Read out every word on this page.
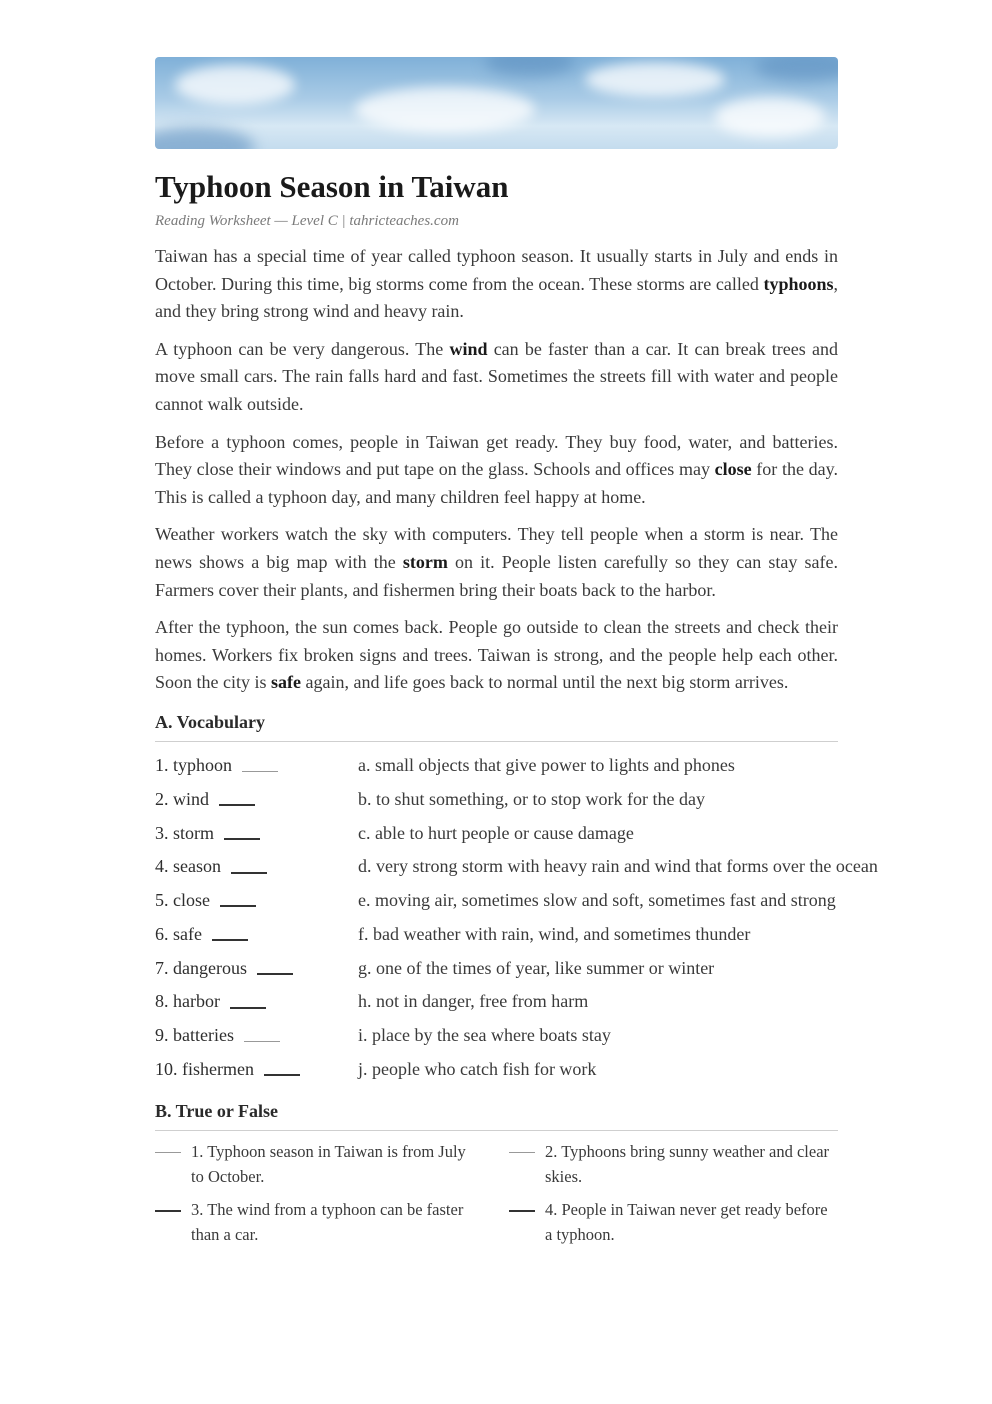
Typhoon Season in Taiwan
Reading Worksheet — Level C | tahricteaches.com

Taiwan has a special time of year called typhoon season. It usually starts in July and ends in October. During this time, big storms come from the ocean. These storms are called typhoons, and they bring strong wind and heavy rain.

A typhoon can be very dangerous. The wind can be faster than a car. It can break trees and move small cars. The rain falls hard and fast. Sometimes the streets fill with water and people cannot walk outside.

Before a typhoon comes, people in Taiwan get ready. They buy food, water, and batteries. They close their windows and put tape on the glass. Schools and offices may close for the day. This is called a typhoon day, and many children feel happy at home.

Weather workers watch the sky with computers. They tell people when a storm is near. The news shows a big map with the storm on it. People listen carefully so they can stay safe. Farmers cover their plants, and fishermen bring their boats back to the harbor.

After the typhoon, the sun comes back. People go outside to clean the streets and check their homes. Workers fix broken signs and trees. Taiwan is strong, and the people help each other. Soon the city is safe again, and life goes back to normal until the next big storm arrives.

A. Vocabulary
1. typhoon	a. small objects that give power to lights and phones
2. wind	b. to shut something, or to stop work for the day
3. storm	c. able to hurt people or cause damage
4. season	d. very strong storm with heavy rain and wind that forms over the ocean
5. close	e. moving air, sometimes slow and soft, sometimes fast and strong
6. safe	f. bad weather with rain, wind, and sometimes thunder
7. dangerous	g. one of the times of year, like summer or winter
8. harbor	h. not in danger, free from harm
9. batteries	i. place by the sea where boats stay
10. fishermen	j. people who catch fish for work
B. True or False
1. Typhoon season in Taiwan is from July to October.
2. Typhoons bring sunny weather and clear skies.
3. The wind from a typhoon can be faster than a car.
4. People in Taiwan never get ready before a typhoon.
